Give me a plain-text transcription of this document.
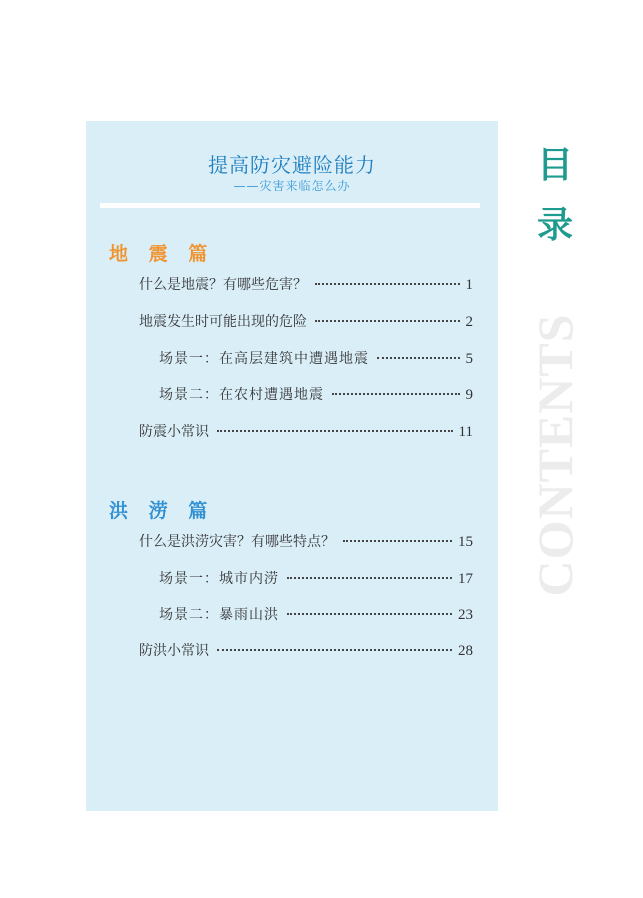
提高防灾避险能力
——灾害来临怎么办
地 震 篇
什么是地震？有哪些危害？	1
地震发生时可能出现的危险	2
场景一：在高层建筑中遭遇地震	5
场景二：在农村遭遇地震	9
防震小常识	11
洪 涝 篇
什么是洪涝灾害？有哪些特点？	15
场景一：城市内涝	17
场景二：暴雨山洪	23
防洪小常识	28
目
录
CONTENTS
